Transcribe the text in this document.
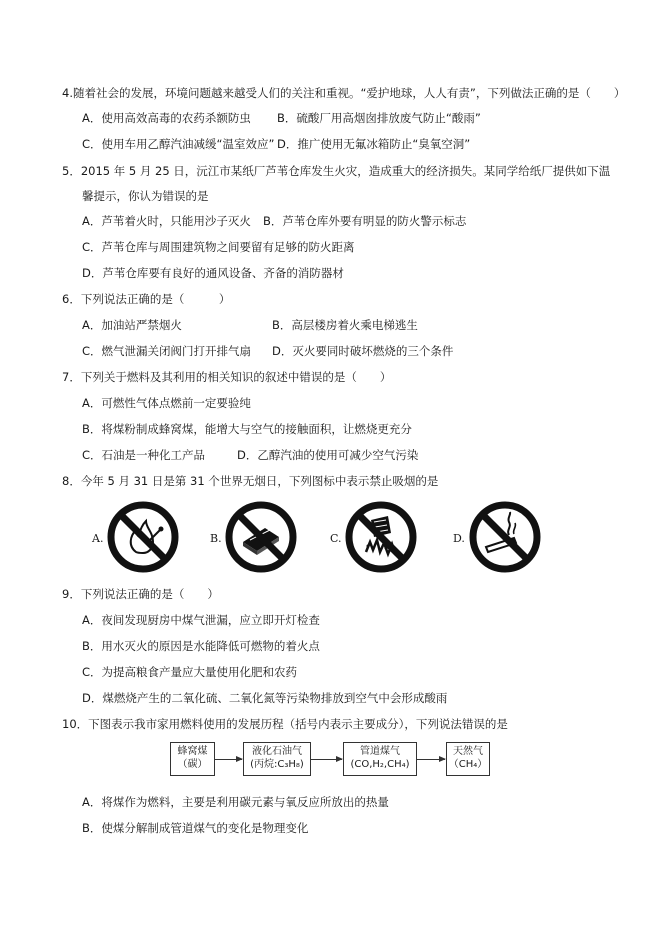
4.随着社会的发展，环境问题越来越受人们的关注和重视。“爱护地球，人人有责”，下列做法正确的是（　　）
A．使用高效高毒的农药杀额防虫 B．硫酸厂用高烟囱排放废气防止“酸雨”
C．使用车用乙醇汽油减缓“温室效应” D．推广使用无氟冰箱防止“臭氧空洞”
5．2015 年 5 月 25 日，沅江市某纸厂芦苇仓库发生火灾，造成重大的经济损失。某同学给纸厂提供如下温
馨提示，你认为错误的是
A．芦苇着火时，只能用沙子灭火 B．芦苇仓库外要有明显的防火警示标志
C．芦苇仓库与周围建筑物之间要留有足够的防火距离
D．芦苇仓库要有良好的通风设备、齐备的消防器材
6．下列说法正确的是（　　　）
A．加油站严禁烟火	B．高层楼房着火乘电梯逃生
C．燃气泄漏关闭阀门打开排气扇 D．灭火要同时破坏燃烧的三个条件
7．下列关于燃料及其利用的相关知识的叙述中错误的是（　　）
A．可燃性气体点燃前一定要验纯
B．将煤粉制成蜂窝煤，能增大与空气的接触面积，让燃烧更充分
C．石油是一种化工产品	D．乙醇汽油的使用可减少空气污染
8．今年 5 月 31 日是第 31 个世界无烟日，下列图标中表示禁止吸烟的是
A.	B.	C.	D.
9．下列说法正确的是（　　）
A．夜间发现厨房中煤气泄漏，应立即开灯检查
B．用水灭火的原因是水能降低可燃物的着火点
C．为提高粮食产量应大量使用化肥和农药
D．煤燃烧产生的二氧化硫、二氧化氮等污染物排放到空气中会形成酸雨
10．下图表示我市家用燃料使用的发展历程（括号内表示主要成分），下列说法错误的是
蜂窝煤
（碳）
液化石油气
(丙烷:C₃H₈)
管道煤气
(CO,H₂,CH₄)
天然气
（CH₄）
A．将煤作为燃料，主要是利用碳元素与氧反应所放出的热量
B．使煤分解制成管道煤气的变化是物理变化
